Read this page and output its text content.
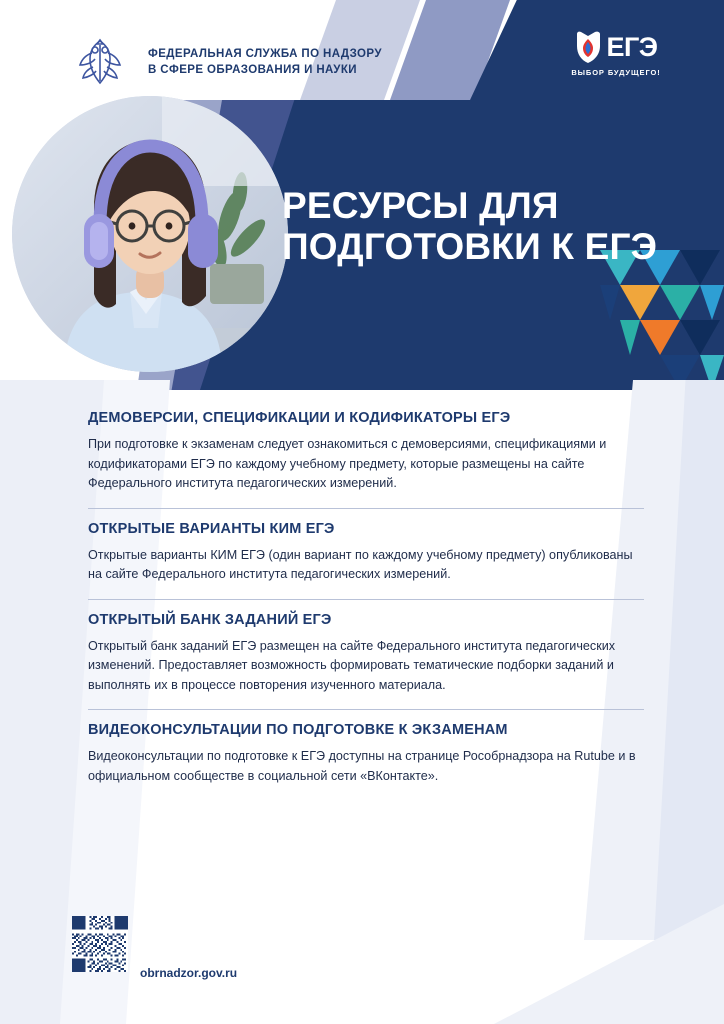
ФЕДЕРАЛЬНАЯ СЛУЖБА ПО НАДЗОРУ
В СФЕРЕ ОБРАЗОВАНИЯ И НАУКИ
ЕГЭ
ВЫБОР БУДУЩЕГО!
РЕСУРСЫ ДЛЯ ПОДГОТОВКИ К ЕГЭ
ДЕМОВЕРСИИ, СПЕЦИФИКАЦИИ И КОДИФИКАТОРЫ ЕГЭ
При подготовке к экзаменам следует ознакомиться с демоверсиями, спецификациями и кодификаторами ЕГЭ по каждому учебному предмету, которые размещены на сайте Федерального института педагогических измерений.
ОТКРЫТЫЕ ВАРИАНТЫ КИМ ЕГЭ
Открытые варианты КИМ ЕГЭ (один вариант по каждому учебному предмету) опубликованы на сайте Федерального института педагогических измерений.
ОТКРЫТЫЙ БАНК ЗАДАНИЙ ЕГЭ
Открытый банк заданий ЕГЭ размещен на сайте Федерального института педагогических изменений. Предоставляет возможность формировать тематические подборки заданий и выполнять их в процессе повторения изученного материала.
ВИДЕОКОНСУЛЬТАЦИИ ПО ПОДГОТОВКЕ К ЭКЗАМЕНАМ
Видеоконсультации по подготовке к ЕГЭ доступны на странице Рособрнадзора на Rutube и в официальном сообществе в социальной сети «ВКонтакте».
obrnadzor.gov.ru
